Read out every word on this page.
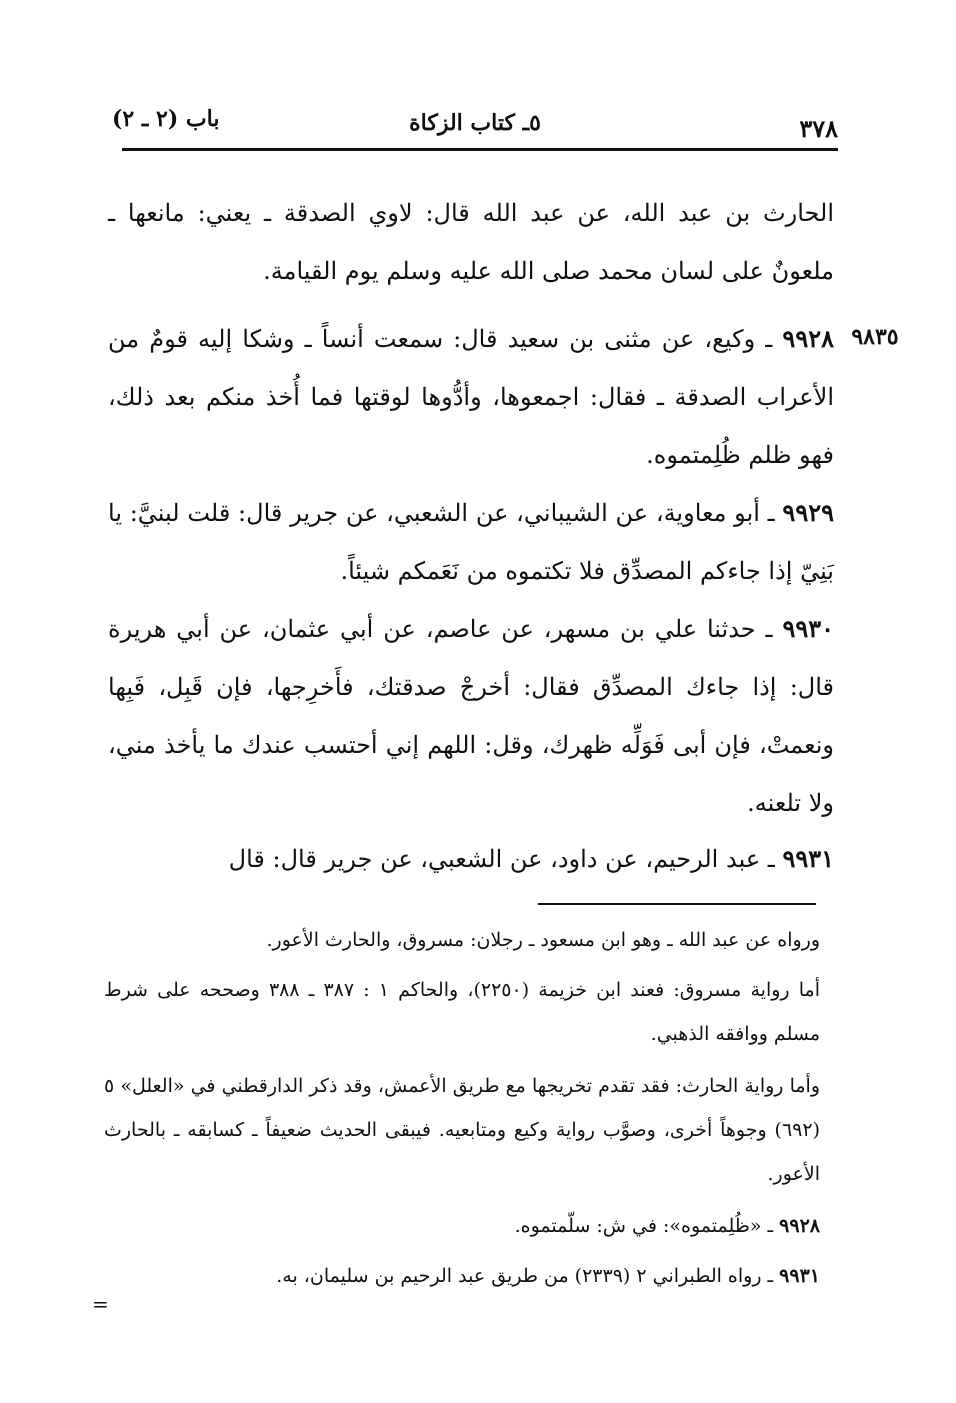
٣٧٨
٥ـ كتاب الزكاة
باب (٢ ـ ٢)
الحارث بن عبد الله، عن عبد الله قال: لاوي الصدقة ـ يعني: مانعها ـ ملعونٌ على لسان محمد صلى الله عليه وسلم يوم القيامة.
٩٨٣٥
٩٩٢٨ ـ وكيع، عن مثنى بن سعيد قال: سمعت أنساً ـ وشكا إليه قومٌ من الأعراب الصدقة ـ فقال: اجمعوها، وأدُّوها لوقتها فما أُخذ منكم بعد ذلك، فهو ظلم ظُلِمتموه.
٩٩٢٩ ـ أبو معاوية، عن الشيباني، عن الشعبي، عن جرير قال: قلت لبنيَّ: يا بَنِيّ إذا جاءكم المصدِّق فلا تكتموه من نَعَمكم شيئاً.
٩٩٣٠ ـ حدثنا علي بن مسهر، عن عاصم، عن أبي عثمان، عن أبي هريرة قال: إذا جاءك المصدِّق فقال: أخرجْ صدقتك، فأَخرِجها، فإن قَبِل، فَبِها ونعمتْ، فإن أبى فَوَلِّه ظهرك، وقل: اللهم إني أحتسب عندك ما يأخذ مني، ولا تلعنه.
٩٩٣١ ـ عبد الرحيم، عن داود، عن الشعبي، عن جرير قال: قال
ورواه عن عبد الله ـ وهو ابن مسعود ـ رجلان: مسروق، والحارث الأعور.
أما رواية مسروق: فعند ابن خزيمة (٢٢٥٠)، والحاكم ١ : ٣٨٧ ـ ٣٨٨ وصححه على شرط مسلم ووافقه الذهبي.
وأما رواية الحارث: فقد تقدم تخريجها مع طريق الأعمش، وقد ذكر الدارقطني في «العلل» ٥ (٦٩٢) وجوهاً أخرى، وصوَّب رواية وكيع ومتابعيه. فيبقى الحديث ضعيفاً ـ كسابقه ـ بالحارث الأعور.
٩٩٢٨ ـ «ظُلِمتموه»: في ش: سلّمتموه.
٩٩٣١ ـ رواه الطبراني ٢ (٢٣٣٩) من طريق عبد الرحيم بن سليمان، به.
=
